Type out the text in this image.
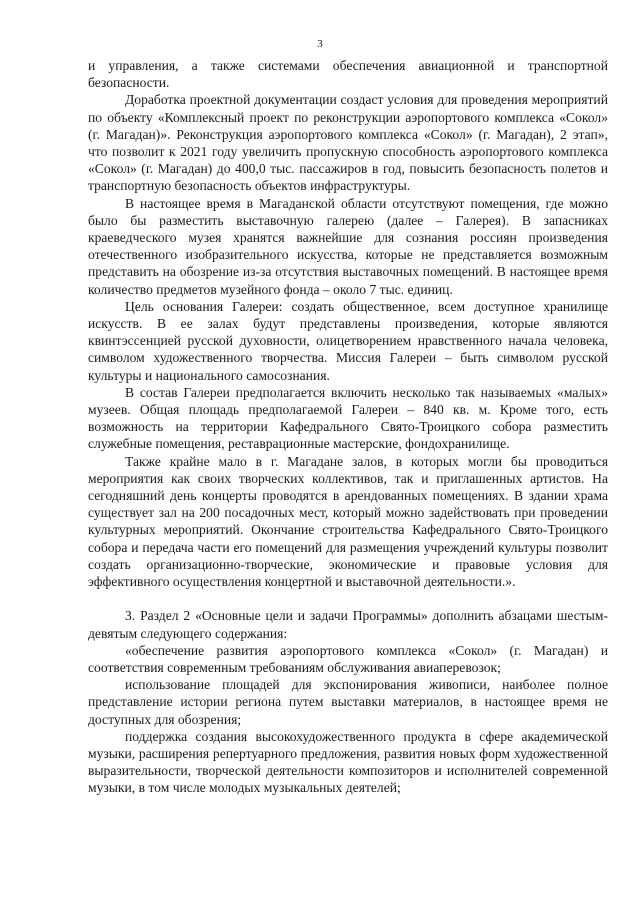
3

и управления, а также системами обеспечения авиационной и транспортной безопасности.

Доработка проектной документации создаст условия для проведения мероприятий по объекту «Комплексный проект по реконструкции аэропортового комплекса «Сокол» (г. Магадан)». Реконструкция аэропортового комплекса «Сокол» (г. Магадан), 2 этап», что позволит к 2021 году увеличить пропускную способность аэропортового комплекса «Сокол» (г. Магадан) до 400,0 тыс. пассажиров в год, повысить безопасность полетов и транспортную безопасность объектов инфраструктуры.

В настоящее время в Магаданской области отсутствуют помещения, где можно было бы разместить выставочную галерею (далее – Галерея). В запасниках краеведческого музея хранятся важнейшие для сознания россиян произведения отечественного изобразительного искусства, которые не представляется возможным представить на обозрение из-за отсутствия выставочных помещений. В настоящее время количество предметов музейного фонда – около 7 тыс. единиц.

Цель основания Галереи: создать общественное, всем доступное хранилище искусств. В ее залах будут представлены произведения, которые являются квинтэссенцией русской духовности, олицетворением нравственного начала человека, символом художественного творчества. Миссия Галереи – быть символом русской культуры и национального самосознания.

В состав Галереи предполагается включить несколько так называемых «малых» музеев. Общая площадь предполагаемой Галереи – 840 кв. м. Кроме того, есть возможность на территории Кафедрального Свято-Троицкого собора разместить служебные помещения, реставрационные мастерские, фондохранилище.

Также крайне мало в г. Магадане залов, в которых могли бы проводиться мероприятия как своих творческих коллективов, так и приглашенных артистов. На сегодняшний день концерты проводятся в арендованных помещениях. В здании храма существует зал на 200 посадочных мест, который можно задействовать при проведении культурных мероприятий. Окончание строительства Кафедрального Свято-Троицкого собора и передача части его помещений для размещения учреждений культуры позволит создать организационно-творческие, экономические и правовые условия для эффективного осуществления концертной и выставочной деятельности.».

3. Раздел 2 «Основные цели и задачи Программы» дополнить абзацами шестым-девятым следующего содержания:

«обеспечение развития аэропортового комплекса «Сокол» (г. Магадан) и соответствия современным требованиям обслуживания авиаперевозок;

использование площадей для экспонирования живописи, наиболее полное представление истории региона путем выставки материалов, в настоящее время не доступных для обозрения;

поддержка создания высокохудожественного продукта в сфере академической музыки, расширения репертуарного предложения, развития новых форм художественной выразительности, творческой деятельности композиторов и исполнителей современной музыки, в том числе молодых музыкальных деятелей;
